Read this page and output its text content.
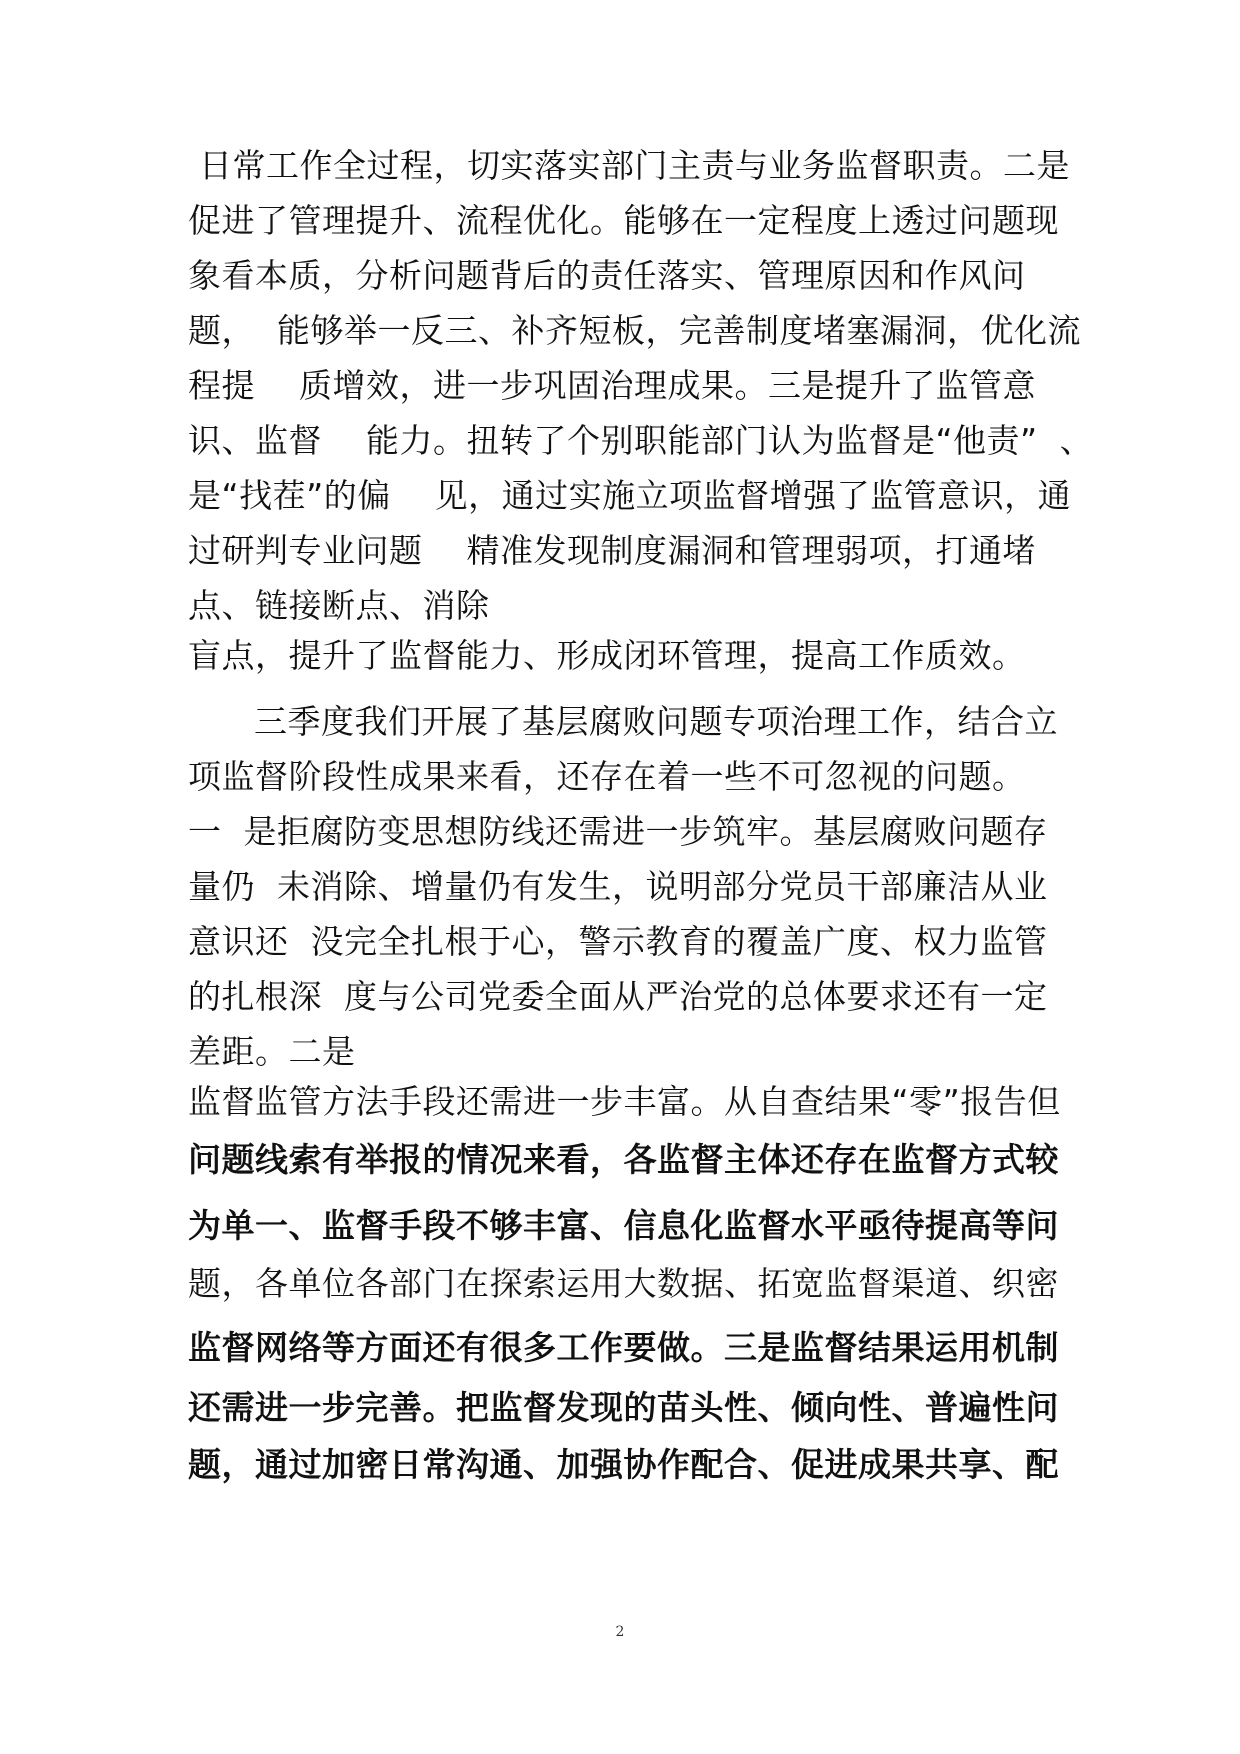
日常工作全过程，切实落实部门主责与业务监督职责。二是
促进了管理提升、流程优化。能够在一定程度上透过问题现
象看本质，分析问题背后的责任落实、管理原因和作风问
题，  能够举一反三、补齐短板，完善制度堵塞漏洞，优化流
程提    质增效，进一步巩固治理成果。三是提升了监管意
识、监督    能力。扭转了个别职能部门认为监督是“他责”  、
是“找茬”的偏    见，通过实施立项监督增强了监管意识，通
过研判专业问题    精准发现制度漏洞和管理弱项，打通堵
点、链接断点、消除
盲点，提升了监督能力、形成闭环管理，提高工作质效。
三季度我们开展了基层腐败问题专项治理工作，结合立
项监督阶段性成果来看，还存在着一些不可忽视的问题。
一  是拒腐防变思想防线还需进一步筑牢。基层腐败问题存
量仍  未消除、增量仍有发生，说明部分党员干部廉洁从业
意识还  没完全扎根于心，警示教育的覆盖广度、权力监管
的扎根深  度与公司党委全面从严治党的总体要求还有一定
差距。二是
监督监管方法手段还需进一步丰富。从自查结果“零”报告但
问题线索有举报的情况来看，各监督主体还存在监督方式较
为单一、监督手段不够丰富、信息化监督水平亟待提高等问
题，各单位各部门在探索运用大数据、拓宽监督渠道、织密
监督网络等方面还有很多工作要做。三是监督结果运用机制
还需进一步完善。把监督发现的苗头性、倾向性、普遍性问
题，通过加密日常沟通、加强协作配合、促进成果共享、配
2
